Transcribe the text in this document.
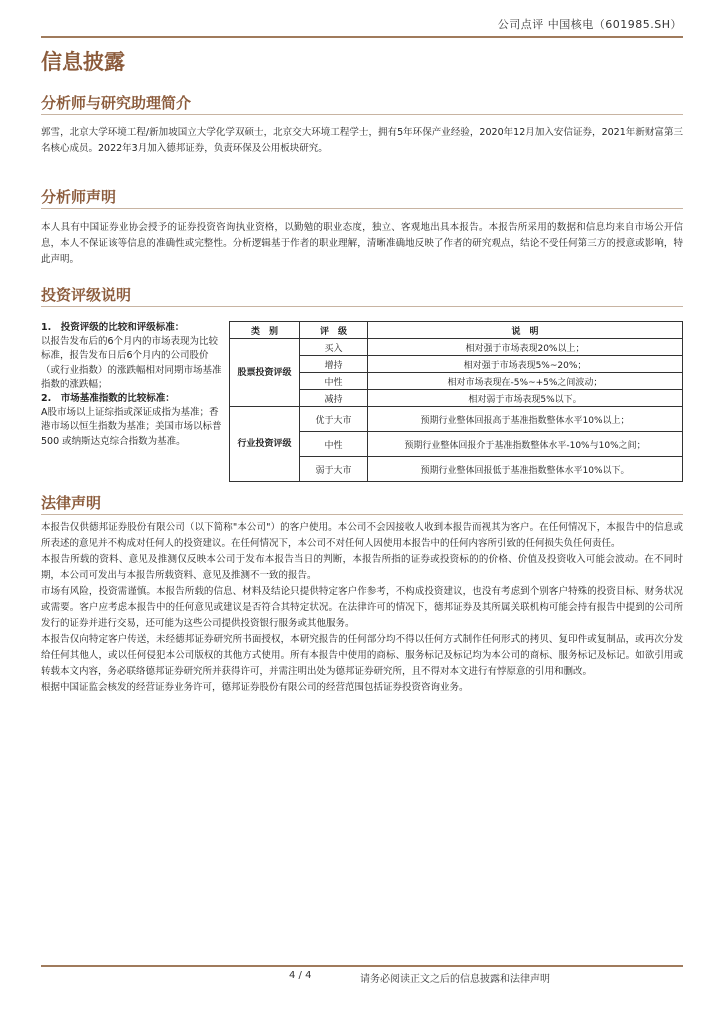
公司点评 中国核电（601985.SH）
信息披露
分析师与研究助理简介

郭雪，北京大学环境工程/新加坡国立大学化学双硕士，北京交大环境工程学士，拥有5年环保产业经验，2020年12月加入安信证券，2021年新财富第三名核心成员。2022年3月加入德邦证券，负责环保及公用板块研究。

分析师声明

本人具有中国证券业协会授予的证券投资咨询执业资格，以勤勉的职业态度，独立、客观地出具本报告。本报告所采用的数据和信息均来自市场公开信息，本人不保证该等信息的准确性或完整性。分析逻辑基于作者的职业理解，清晰准确地反映了作者的研究观点，结论不受任何第三方的授意或影响，特此声明。

投资评级说明
1.　投资评级的比较和评级标准：
以报告发布后的6个月内的市场表现为比较标准，报告发布日后6个月内的公司股价（或行业指数）的涨跌幅相对同期市场基准指数的涨跌幅；
2.　市场基准指数的比较标准：
A股市场以上证综指或深证成指为基准；香港市场以恒生指数为基准；美国市场以标普 500 或纳斯达克综合指数为基准。
类　别	评　级	说　明
股票投资评级	买入	相对强于市场表现20%以上；
	增持	相对强于市场表现5%~20%；
	中性	相对市场表现在-5%~+5%之间波动；
	减持	相对弱于市场表现5%以下。
行业投资评级	优于大市	预期行业整体回报高于基准指数整体水平10%以上；
	中性	预期行业整体回报介于基准指数整体水平-10%与10%之间；
	弱于大市	预期行业整体回报低于基准指数整体水平10%以下。
法律声明
本报告仅供德邦证券股份有限公司（以下简称"本公司"）的客户使用。本公司不会因接收人收到本报告而视其为客户。在任何情况下，本报告中的信息或所表述的意见并不构成对任何人的投资建议。在任何情况下，本公司不对任何人因使用本报告中的任何内容所引致的任何损失负任何责任。
本报告所载的资料、意见及推测仅反映本公司于发布本报告当日的判断，本报告所指的证券或投资标的的价格、价值及投资收入可能会波动。在不同时期，本公司可发出与本报告所载资料、意见及推测不一致的报告。
市场有风险，投资需谨慎。本报告所载的信息、材料及结论只提供特定客户作参考，不构成投资建议，也没有考虑到个别客户特殊的投资目标、财务状况或需要。客户应考虑本报告中的任何意见或建议是否符合其特定状况。在法律许可的情况下，德邦证券及其所属关联机构可能会持有报告中提到的公司所发行的证券并进行交易，还可能为这些公司提供投资银行服务或其他服务。
本报告仅向特定客户传送，未经德邦证券研究所书面授权，本研究报告的任何部分均不得以任何方式制作任何形式的拷贝、复印件或复制品，或再次分发给任何其他人，或以任何侵犯本公司版权的其他方式使用。所有本报告中使用的商标、服务标记及标记均为本公司的商标、服务标记及标记。如欲引用或转载本文内容，务必联络德邦证券研究所并获得许可，并需注明出处为德邦证券研究所，且不得对本文进行有悖原意的引用和删改。
根据中国证监会核发的经营证券业务许可，德邦证券股份有限公司的经营范围包括证券投资咨询业务。
4 / 4	请务必阅读正文之后的信息披露和法律声明
